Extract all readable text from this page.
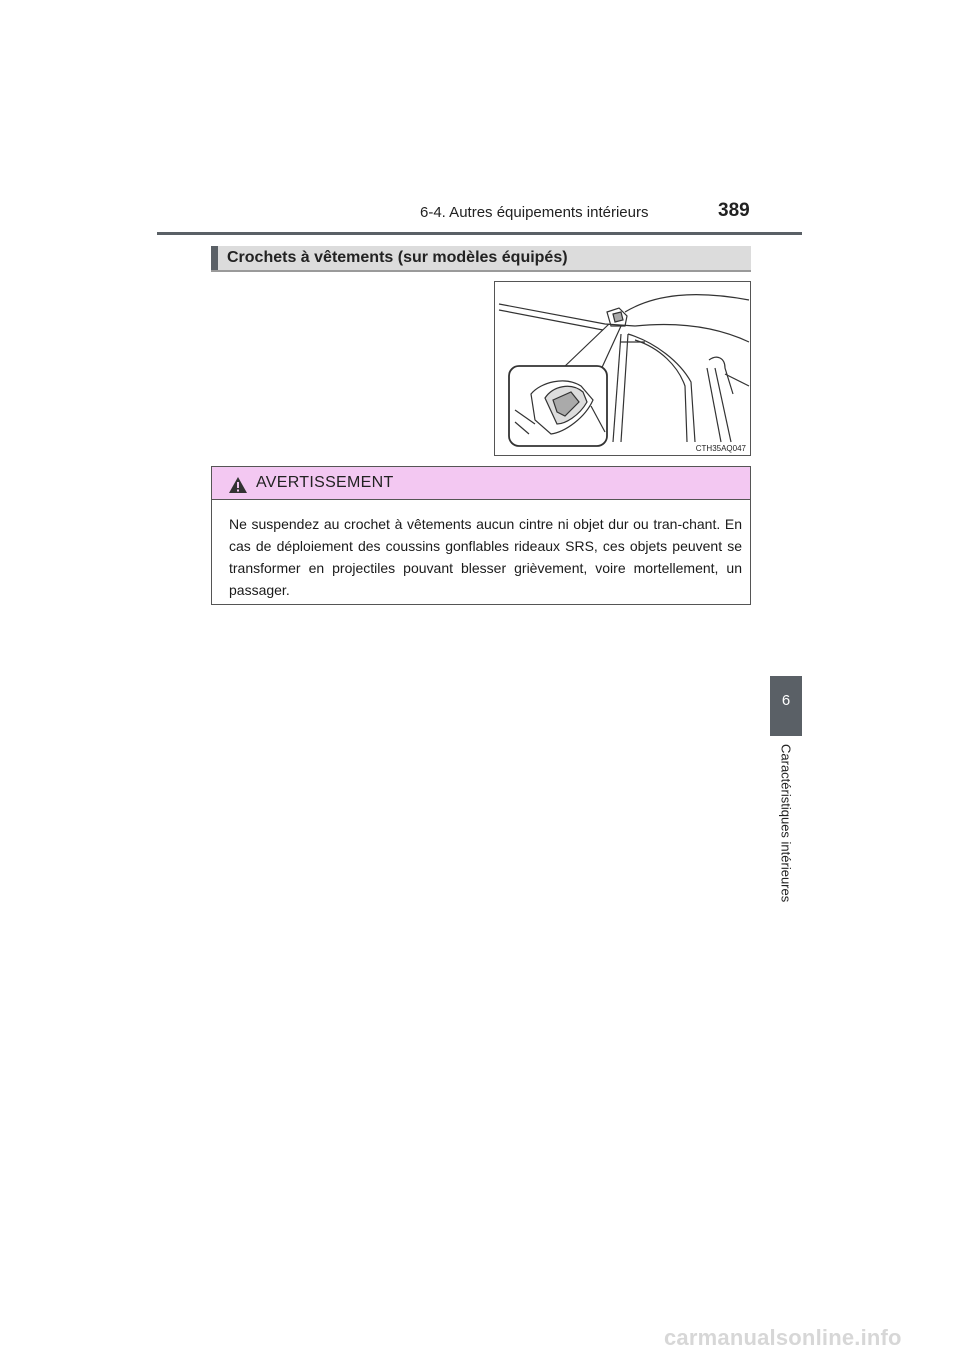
6-4. Autres équipements intérieurs	389
6
Caractéristiques intérieures
Crochets à vêtements (sur modèles équipés)
CTH35AQ047
AVERTISSEMENT

Ne suspendez au crochet à vêtements aucun cintre ni objet dur ou tran-chant. En cas de déploiement des coussins gonflables rideaux SRS, ces objets peuvent se transformer en projectiles pouvant blesser grièvement, voire mortellement, un passager.

carmanualsonline.info
